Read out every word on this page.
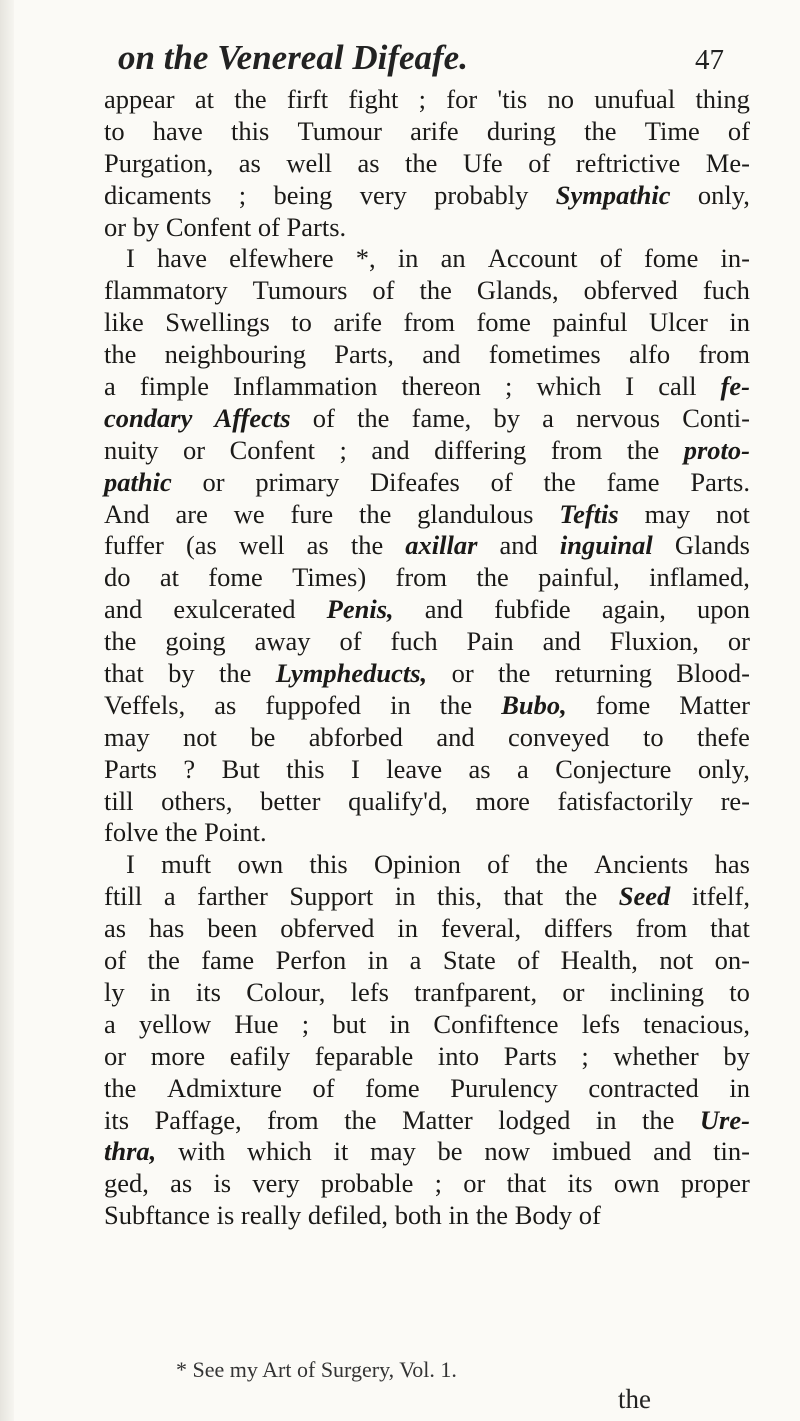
on the Venereal Difeafe.	47
appear at the firft fight ; for 'tis no unufual thing
to have this Tumour arife during the Time of
Purgation, as well as the Ufe of reftrictive Me-
dicaments ; being very probably Sympathic only,
or by Confent of Parts.
I have elfewhere *, in an Account of fome in-
flammatory Tumours of the Glands, obferved fuch
like Swellings to arife from fome painful Ulcer in
the neighbouring Parts, and fometimes alfo from
a fimple Inflammation thereon ; which I call fe-
condary Affects of the fame, by a nervous Conti-
nuity or Confent ; and differing from the proto-
pathic or primary Difeafes of the fame Parts.
And are we fure the glandulous Teftis may not
fuffer (as well as the axillar and inguinal Glands
do at fome Times) from the painful, inflamed,
and exulcerated Penis, and fubfide again, upon
the going away of fuch Pain and Fluxion, or
that by the Lympheducts, or the returning Blood-
Veffels, as fuppofed in the Bubo, fome Matter
may not be abforbed and conveyed to thefe
Parts ? But this I leave as a Conjecture only,
till others, better qualify'd, more fatisfactorily re-
folve the Point.
I muft own this Opinion of the Ancients has
ftill a farther Support in this, that the Seed itfelf,
as has been obferved in feveral, differs from that
of the fame Perfon in a State of Health, not on-
ly in its Colour, lefs tranfparent, or inclining to
a yellow Hue ; but in Confiftence lefs tenacious,
or more eafily feparable into Parts ; whether by
the Admixture of fome Purulency contracted in
its Paffage, from the Matter lodged in the Ure-
thra, with which it may be now imbued and tin-
ged, as is very probable ; or that its own proper
Subftance is really defiled, both in the Body of
* See my Art of Surgery, Vol. 1.
the
